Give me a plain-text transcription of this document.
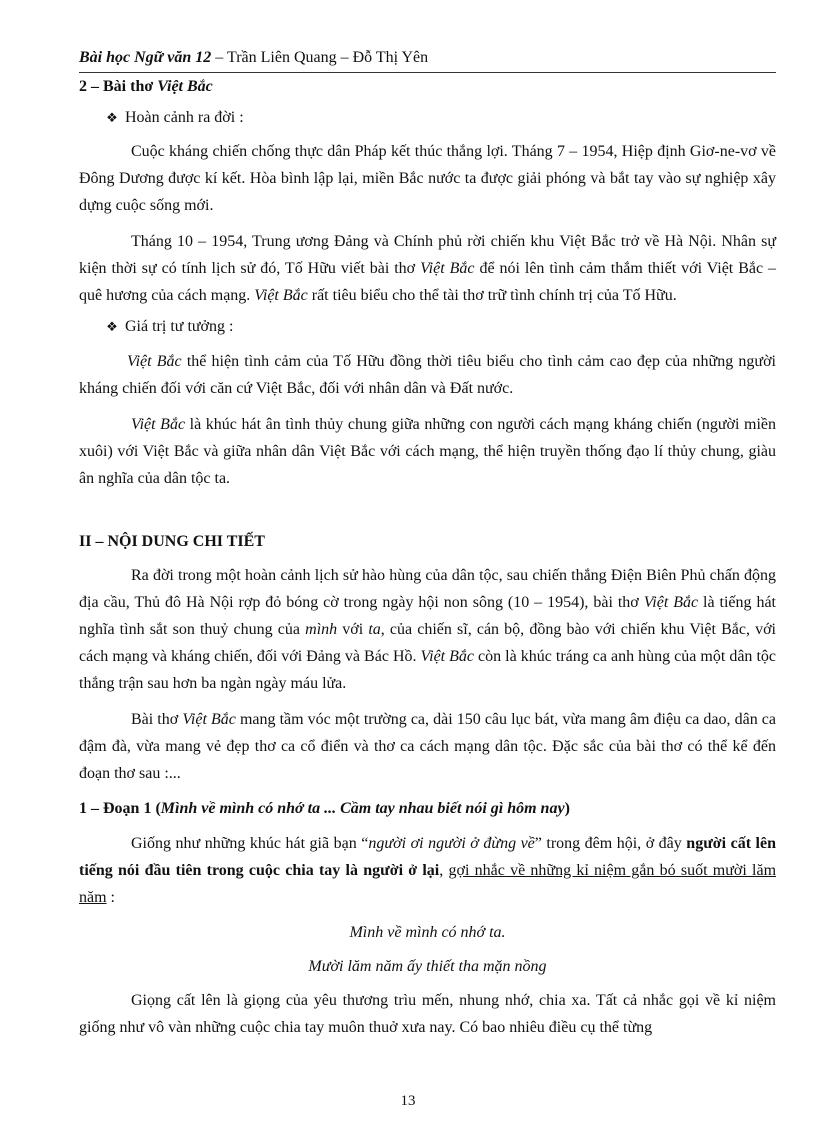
Bài học Ngữ văn 12 – Trần Liên Quang – Đỗ Thị Yên

2 – Bài thơ Việt Bắc

❖ Hoàn cảnh ra đời :

Cuộc kháng chiến chống thực dân Pháp kết thúc thắng lợi. Tháng 7 – 1954, Hiệp định Giơ-ne-vơ về Đông Dương được kí kết. Hòa bình lập lại, miền Bắc nước ta được giải phóng và bắt tay vào sự nghiệp xây dựng cuộc sống mới.

Tháng 10 – 1954, Trung ương Đảng và Chính phủ rời chiến khu Việt Bắc trở về Hà Nội. Nhân sự kiện thời sự có tính lịch sử đó, Tố Hữu viết bài thơ Việt Bắc để nói lên tình cảm thắm thiết với Việt Bắc – quê hương của cách mạng. Việt Bắc rất tiêu biểu cho thể tài thơ trữ tình chính trị của Tố Hữu.

❖ Giá trị tư tưởng :

Việt Bắc thể hiện tình cảm của Tố Hữu đồng thời tiêu biểu cho tình cảm cao đẹp của những người kháng chiến đối với căn cứ Việt Bắc, đối với nhân dân và Đất nước.

Việt Bắc là khúc hát ân tình thủy chung giữa những con người cách mạng kháng chiến (người miền xuôi) với Việt Bắc và giữa nhân dân Việt Bắc với cách mạng, thể hiện truyền thống đạo lí thủy chung, giàu ân nghĩa của dân tộc ta.

II – NỘI DUNG CHI TIẾT

Ra đời trong một hoàn cảnh lịch sử hào hùng của dân tộc, sau chiến thắng Điện Biên Phủ chấn động địa cầu, Thủ đô Hà Nội rợp đỏ bóng cờ trong ngày hội non sông (10 – 1954), bài thơ Việt Bắc là tiếng hát nghĩa tình sắt son thuỷ chung của mình với ta, của chiến sĩ, cán bộ, đồng bào với chiến khu Việt Bắc, với cách mạng và kháng chiến, đối với Đảng và Bác Hồ. Việt Bắc còn là khúc tráng ca anh hùng của một dân tộc thắng trận sau hơn ba ngàn ngày máu lửa.

Bài thơ Việt Bắc mang tầm vóc một trường ca, dài 150 câu lục bát, vừa mang âm điệu ca dao, dân ca đậm đà, vừa mang vẻ đẹp thơ ca cổ điển và thơ ca cách mạng dân tộc. Đặc sắc của bài thơ có thể kể đến đoạn thơ sau :...

1 – Đoạn 1 (Mình về mình có nhớ ta ... Cầm tay nhau biết nói gì hôm nay)

Giống như những khúc hát giã bạn “người ơi người ở đừng về” trong đêm hội, ở đây người cất lên tiếng nói đầu tiên trong cuộc chia tay là người ở lại, gợi nhắc về những kỉ niệm gắn bó suốt mười lăm năm :

Mình về mình có nhớ ta.

Mười lăm năm ấy thiết tha mặn nồng

Giọng cất lên là giọng của yêu thương trìu mến, nhung nhớ, chia xa. Tất cả nhắc gọi về kỉ niệm giống như vô vàn những cuộc chia tay muôn thuở xưa nay. Có bao nhiêu điều cụ thể từng

13
